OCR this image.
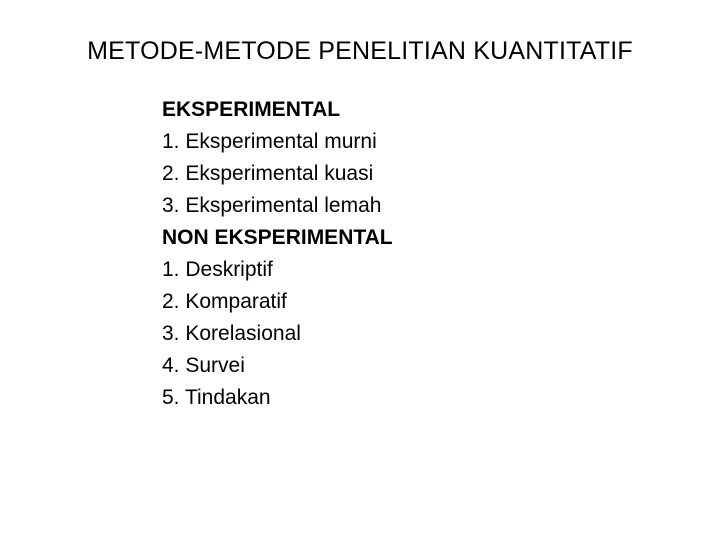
METODE-METODE PENELITIAN KUANTITATIF
EKSPERIMENTAL
1. Eksperimental murni
2. Eksperimental kuasi
3. Eksperimental lemah
NON EKSPERIMENTAL
1. Deskriptif
2. Komparatif
3. Korelasional
4. Survei
5. Tindakan
